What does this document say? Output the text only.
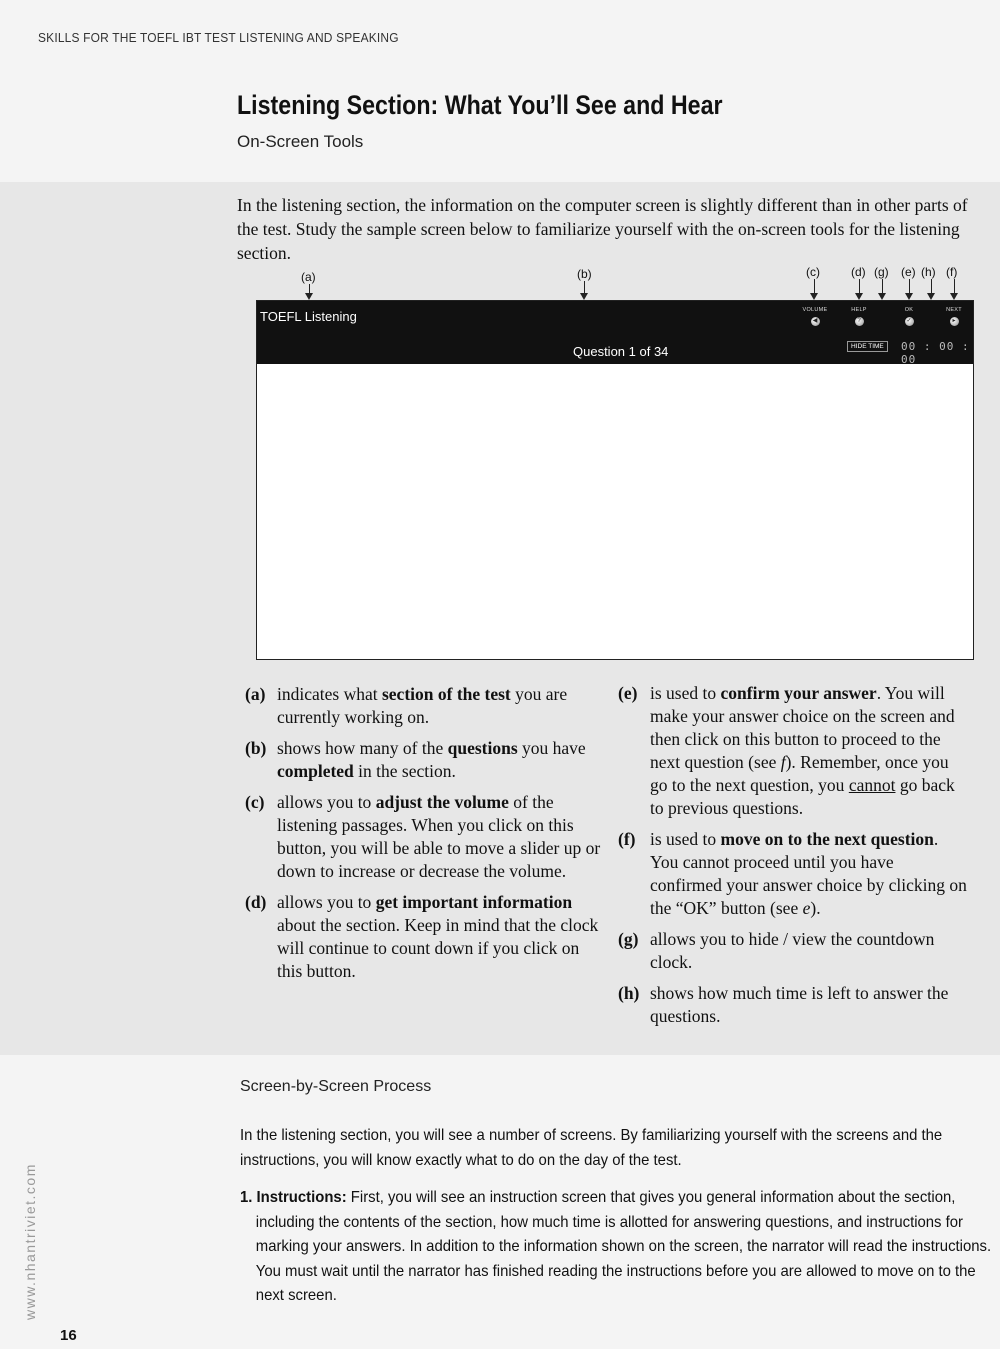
SKILLS FOR THE TOEFL IBT TEST LISTENING AND SPEAKING
Listening Section: What You’ll See and Hear
On-Screen Tools
In the listening section, the information on the computer screen is slightly different than in other parts of the test. Study the sample screen below to familiarize yourself with the on-screen tools for the listening section.
(a)	(b)	(c)	(d) (g) (e) (h) (f)
TOEFL Listening
Question 1 of 34
VOLUME
◀
HELP
?
OK
✓
NEXT
▸
HIDE TIME	00 : 00 : 00
(a) indicates what section of the test you are currently working on.
(b) shows how many of the questions you have completed in the section.
(c) allows you to adjust the volume of the listening passages. When you click on this button, you will be able to move a slider up or down to increase or decrease the volume.
(d) allows you to get important information about the section. Keep in mind that the clock will continue to count down if you click on this button.
(e) is used to confirm your answer. You will make your answer choice on the screen and then click on this button to proceed to the next question (see f). Remember, once you go to the next question, you cannot go back to previous questions.
(f) is used to move on to the next question. You cannot proceed until you have confirmed your answer choice by clicking on the “OK” button (see e).
(g) allows you to hide / view the countdown clock.
(h) shows how much time is left to answer the questions.
Screen-by-Screen Process
In the listening section, you will see a number of screens. By familiarizing yourself with the screens and the instructions, you will know exactly what to do on the day of the test.
1. Instructions: First, you will see an instruction screen that gives you general information about the section, including the contents of the section, how much time is allotted for answering questions, and instructions for marking your answers. In addition to the information shown on the screen, the narrator will read the instructions. You must wait until the narrator has finished reading the instructions before you are allowed to move on to the next screen.
www.nhantriviet.com
16
